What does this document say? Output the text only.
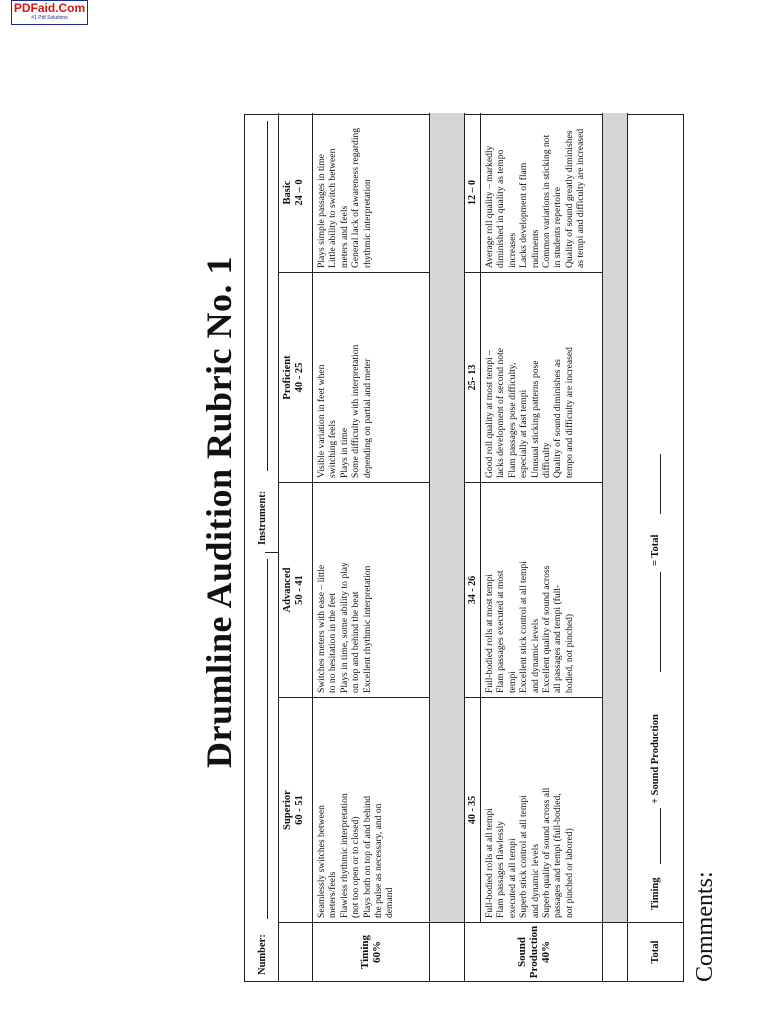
PDFaid.Com
#1 Pdf Solutions
Drumline Audition Rubric No. 1
Number:
Instrument:
Superior 60 - 51
Advanced 50 - 41
Proficient 40 - 25
Basic 24 – 0
Timing 60%
Seamlessly switches between meters/feels Flawless rhythmic interpretation (not too open or to closed) Plays both on top of and behind the pulse as necessary, and on demand
Switches meters with ease – little to no hesitation in the feet Plays in time, some ability to play on top and behind the beat Excellent rhythmic interpretation
Visible variation in feet when switching feels Plays in time Some difficulty with interpretation depending on partial and meter
Plays simple passages in time Little ability to switch between meters and feels General lack of awareness regarding rhythmic interpretation
Sound Production 40%
40 - 35 Full-bodied rolls at all tempi Flam passages flawlessly executed at all tempi Superb stick control at all tempi and dynamic levels Superb quality of sound across all passages and tempi (full-bodied, not pinched or labored)
34 - 26 Full-bodied rolls at most tempi Flam passages executed at most tempi Excellent stick control at all tempi and dynamic levels Excellent quality of sound across all passages and tempi (full- bodied, not pinched)
25- 13 Good roll quality at most tempi – lacks development of second note Flam passages pose difficulty, especially at fast tempi Unusual sticking patterns pose difficulty Quality of sound diminishes as tempo and difficulty are increased
12 – 0 Average roll quality – markedly diminished in quality as tempo increases Lacks development of flam rudiments Common variations in sticking not in students repertoire Quality of sound greatly diminishes as tempi and difficulty are increased
Total
Timing
+ Sound Production
= Total
Comments:
